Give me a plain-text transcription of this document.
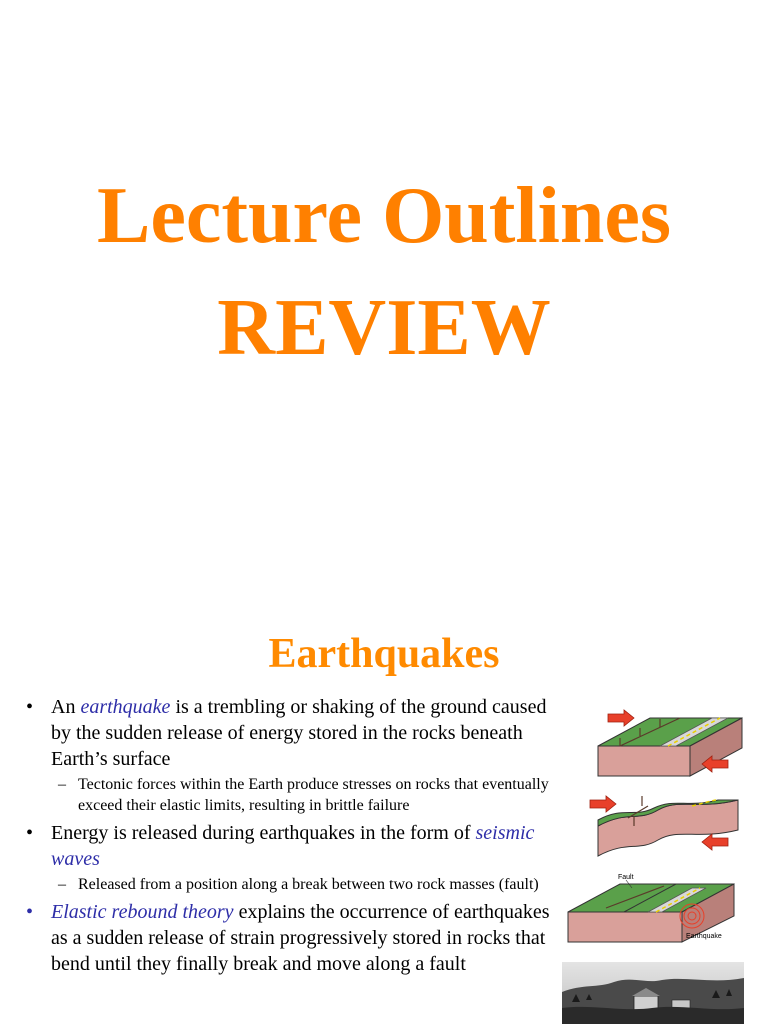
Lecture Outlines
REVIEW
Earthquakes

• An earthquake is a trembling or shaking of the ground caused by the sudden release of energy stored in the rocks beneath Earth’s surface

– Tectonic forces within the Earth produce stresses on rocks that eventually exceed their elastic limits, resulting in brittle failure

• Energy is released during earthquakes in the form of seismic waves

– Released from a position along a break between two rock masses (fault)

• Elastic rebound theory explains the occurrence of earthquakes as a sudden release of strain progressively stored in rocks that bend until they finally break and move along a fault

Fault
Earthquake
